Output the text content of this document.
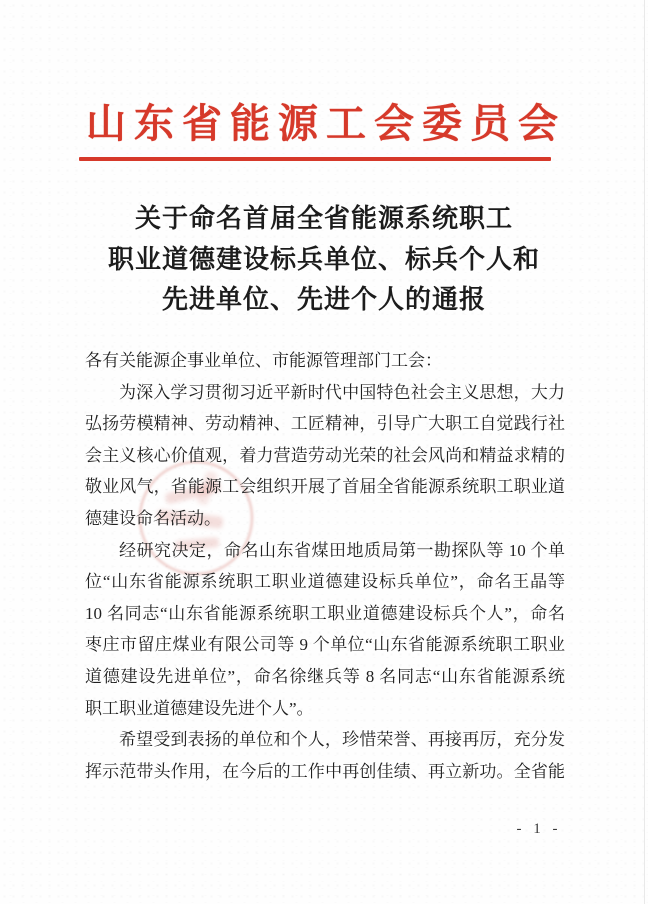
山东省能源工会委员会
关于命名首届全省能源系统职工
职业道德建设标兵单位、标兵个人和
先进单位、先进个人的通报
各有关能源企事业单位、市能源管理部门工会：
为深入学习贯彻习近平新时代中国特色社会主义思想，大力
弘扬劳模精神、劳动精神、工匠精神，引导广大职工自觉践行社
会主义核心价值观，着力营造劳动光荣的社会风尚和精益求精的
敬业风气，省能源工会组织开展了首届全省能源系统职工职业道
德建设命名活动。
经研究决定，命名山东省煤田地质局第一勘探队等 10 个单
位“山东省能源系统职工职业道德建设标兵单位”，命名王晶等
10 名同志“山东省能源系统职工职业道德建设标兵个人”，命名
枣庄市留庄煤业有限公司等 9 个单位“山东省能源系统职工职业
道德建设先进单位”，命名徐继兵等 8 名同志“山东省能源系统
职工职业道德建设先进个人”。
希望受到表扬的单位和个人，珍惜荣誉、再接再厉，充分发
挥示范带头作用，在今后的工作中再创佳绩、再立新功。全省能
- 1 -
